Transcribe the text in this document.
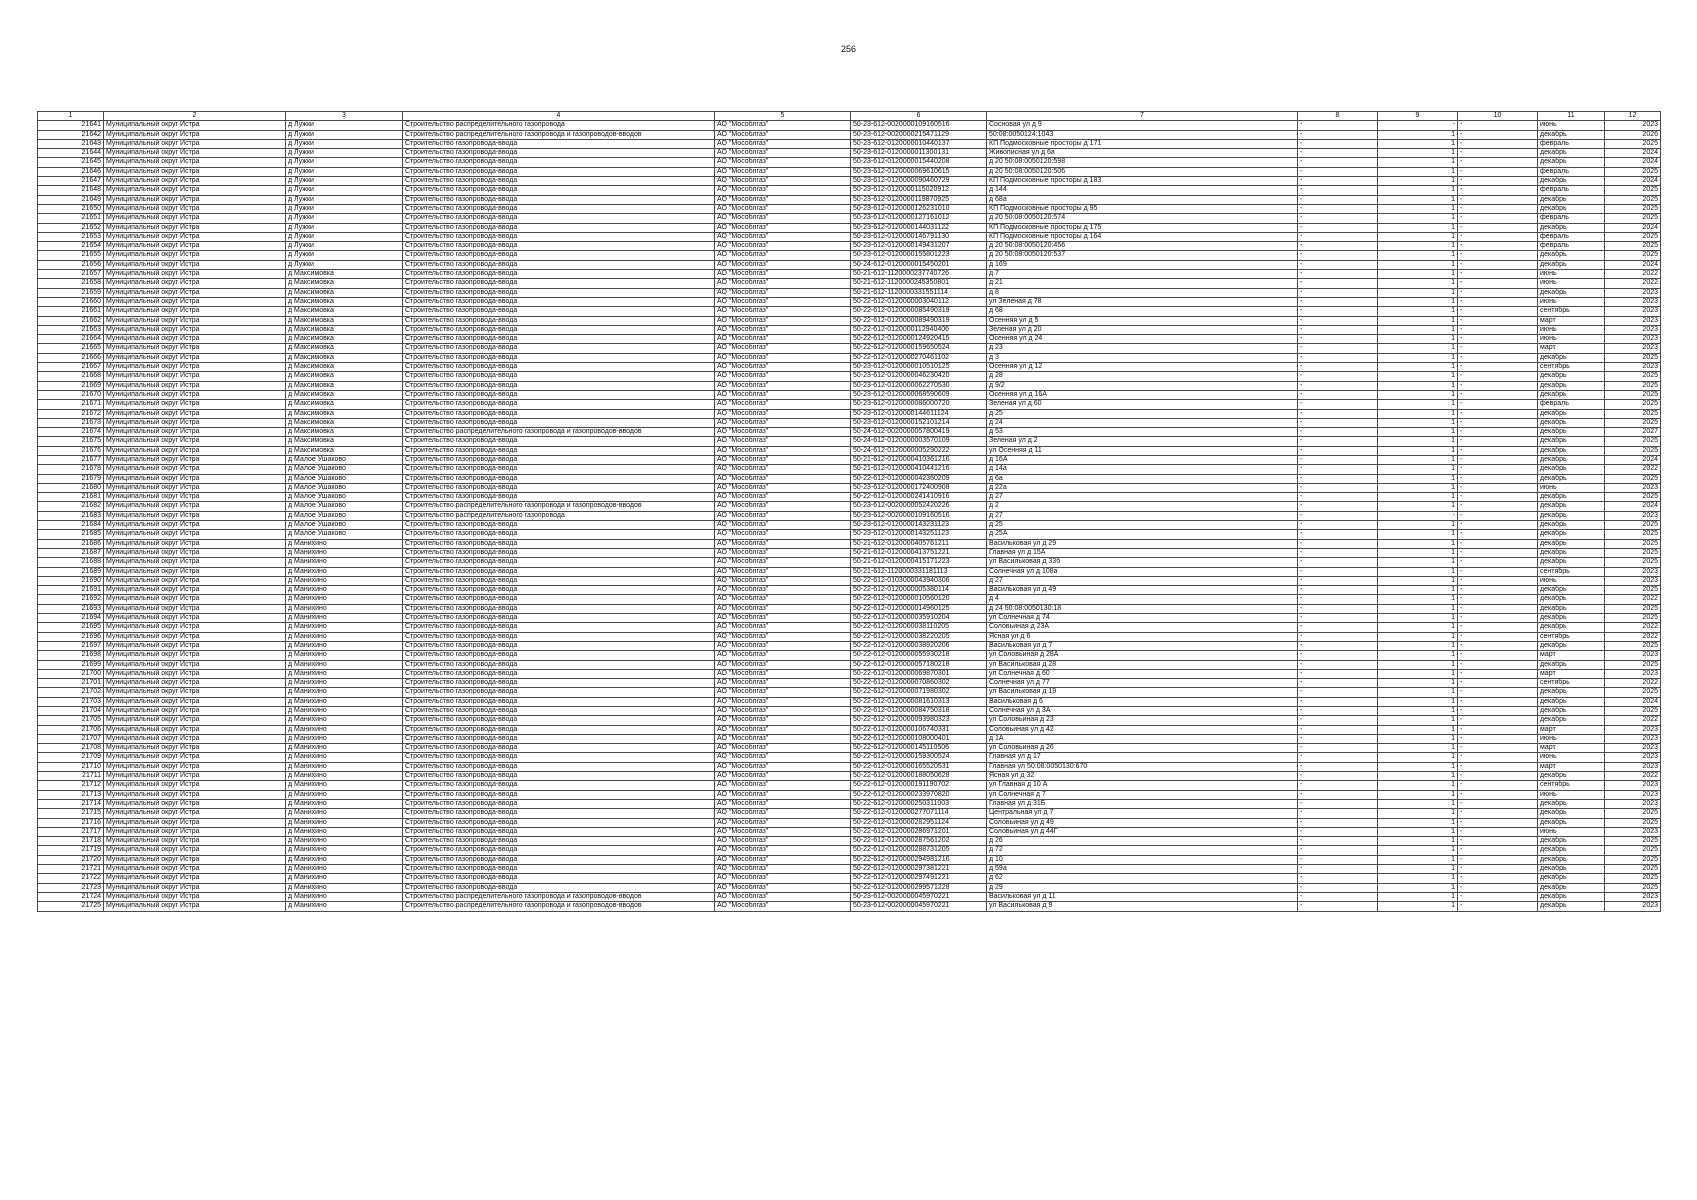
256
1	2	3	4	5	6	7	8	9	10	11	12
21641	Муниципальный округ Истра	д Лужки	Строительство распределительного газопровода	АО "Мособлгаз"	50-23-612-0020000109160516	Сосновая ул д 9	-	-	-	июнь	2023
21642	Муниципальный округ Истра	д Лужки	Строительство распределительного газопровода и газопроводов-вводов	АО "Мособлгаз"	50-23-612-0020000215471129	50:08:0050124:1043	-	1	-	декабрь	2026
21643	Муниципальный округ Истра	д Лужки	Строительство газопровода-ввода	АО "Мособлгаз"	50-23-612-0120000010440137	КП Подмосковные просторы д 171	-	1	-	февраль	2025
21644	Муниципальный округ Истра	д Лужки	Строительство газопровода-ввода	АО "Мособлгаз"	50-23-612-0120000011300131	Живописная ул д 6а	-	1	-	декабрь	2024
21645	Муниципальный округ Истра	д Лужки	Строительство газопровода-ввода	АО "Мособлгаз"	50-23-612-0120000015440208	д 20 50:08:0050120:598	-	1	-	декабрь	2024
21646	Муниципальный округ Истра	д Лужки	Строительство газопровода-ввода	АО "Мособлгаз"	50-23-612-0120000069610615	д 20 50:08:0050120:506	-	1	-	февраль	2025
21647	Муниципальный округ Истра	д Лужки	Строительство газопровода-ввода	АО "Мособлгаз"	50-23-612-0120000090460729	КП Подмосковные просторы д 183	-	1	-	декабрь	2024
21648	Муниципальный округ Истра	д Лужки	Строительство газопровода-ввода	АО "Мособлгаз"	50-23-612-0120000115020912	д 144	-	1	-	февраль	2025
21649	Муниципальный округ Истра	д Лужки	Строительство газопровода-ввода	АО "Мособлгаз"	50-23-612-0120000119870925	д 68а	-	1	-	декабрь	2025
21650	Муниципальный округ Истра	д Лужки	Строительство газопровода-ввода	АО "Мособлгаз"	50-23-612-0120000126231010	КП Подмосковные просторы д 95	-	1	-	декабрь	2025
21651	Муниципальный округ Истра	д Лужки	Строительство газопровода-ввода	АО "Мособлгаз"	50-23-612-0120000127161012	д 20 50:08:0050120:574	-	1	-	февраль	2025
21652	Муниципальный округ Истра	д Лужки	Строительство газопровода-ввода	АО "Мособлгаз"	50-23-612-0120000144031122	КП Подмосковные просторы д 175	-	1	-	декабрь	2024
21653	Муниципальный округ Истра	д Лужки	Строительство газопровода-ввода	АО "Мособлгаз"	50-23-612-0120000146791130	КП Подмосковные просторы д 164	-	1	-	февраль	2025
21654	Муниципальный округ Истра	д Лужки	Строительство газопровода-ввода	АО "Мособлгаз"	50-23-612-0120000149431207	д 20 50:08:0050120:456	-	1	-	февраль	2025
21655	Муниципальный округ Истра	д Лужки	Строительство газопровода-ввода	АО "Мособлгаз"	50-23-612-0120000155801223	д 20 50:08:0050120:537	-	1	-	декабрь	2025
21656	Муниципальный округ Истра	д Лужки	Строительство газопровода-ввода	АО "Мособлгаз"	50-24-612-0120000015450201	д 169	-	1	-	декабрь	2024
21657	Муниципальный округ Истра	д Максимовка	Строительство газопровода-ввода	АО "Мособлгаз"	50-21-612-1120000237740726	д 7	-	1	-	июнь	2022
21658	Муниципальный округ Истра	д Максимовка	Строительство газопровода-ввода	АО "Мособлгаз"	50-21-612-1120000245350801	д 21	-	1	-	июнь	2022
21659	Муниципальный округ Истра	д Максимовка	Строительство газопровода-ввода	АО "Мособлгаз"	50-21-612-1120000331551114	д 8	-	1	-	декабрь	2023
21660	Муниципальный округ Истра	д Максимовка	Строительство газопровода-ввода	АО "Мособлгаз"	50-22-612-0120000003040112	ул Зеленая д 78	-	1	-	июнь	2023
21661	Муниципальный округ Истра	д Максимовка	Строительство газопровода-ввода	АО "Мособлгаз"	50-22-612-0120000085490319	д 68	-	1	-	сентябрь	2023
21662	Муниципальный округ Истра	д Максимовка	Строительство газопровода-ввода	АО "Мособлгаз"	50-22-612-0120000089490319	Осенняя ул д 5	-	1	-	март	2023
21663	Муниципальный округ Истра	д Максимовка	Строительство газопровода-ввода	АО "Мособлгаз"	50-22-612-0120000112940406	Зеленая ул д 20	-	1	-	июнь	2023
21664	Муниципальный округ Истра	д Максимовка	Строительство газопровода-ввода	АО "Мособлгаз"	50-22-612-0120000124920415	Осенняя ул д 24	-	1	-	июнь	2023
21665	Муниципальный округ Истра	д Максимовка	Строительство газопровода-ввода	АО "Мособлгаз"	50-22-612-0120000159650524	д 23	-	1	-	март	2023
21666	Муниципальный округ Истра	д Максимовка	Строительство газопровода-ввода	АО "Мособлгаз"	50-22-612-0120000270461102	д 3	-	1	-	декабрь	2025
21667	Муниципальный округ Истра	д Максимовка	Строительство газопровода-ввода	АО "Мособлгаз"	50-23-612-0120000010510125	Осенняя ул д 12	-	1	-	сентябрь	2023
21668	Муниципальный округ Истра	д Максимовка	Строительство газопровода-ввода	АО "Мособлгаз"	50-23-612-0120000046230420	д 28	-	1	-	декабрь	2025
21669	Муниципальный округ Истра	д Максимовка	Строительство газопровода-ввода	АО "Мособлгаз"	50-23-612-0120000062270530	д 9/2	-	1	-	декабрь	2025
21670	Муниципальный округ Истра	д Максимовка	Строительство газопровода-ввода	АО "Мособлгаз"	50-23-612-0120000068590609	Осенняя ул д 16А	-	1	-	декабрь	2025
21671	Муниципальный округ Истра	д Максимовка	Строительство газопровода-ввода	АО "Мособлгаз"	50-23-612-0120000086000720	Зеленая ул д 60	-	1	-	февраль	2025
21672	Муниципальный округ Истра	д Максимовка	Строительство газопровода-ввода	АО "Мособлгаз"	50-23-612-0120000144611124	д 25	-	1	-	декабрь	2025
21673	Муниципальный округ Истра	д Максимовка	Строительство газопровода-ввода	АО "Мособлгаз"	50-23-612-0120000152101214	д 24	-	1	-	декабрь	2025
21674	Муниципальный округ Истра	д Максимовка	Строительство распределительного газопровода и газопроводов-вводов	АО "Мособлгаз"	50-24-612-0020000057800419	д 53	-	1	-	декабрь	2027
21675	Муниципальный округ Истра	д Максимовка	Строительство газопровода-ввода	АО "Мособлгаз"	50-24-612-0120000003570109	Зеленая ул д 2	-	1	-	декабрь	2025
21676	Муниципальный округ Истра	д Максимовка	Строительство газопровода-ввода	АО "Мособлгаз"	50-24-612-0120000005290222	ул Осенняя д 11	-	1	-	декабрь	2025
21677	Муниципальный округ Истра	д Малое Ушаково	Строительство газопровода-ввода	АО "Мособлгаз"	50-21-612-0120000410361216	д 16А	-	1	-	декабрь	2024
21678	Муниципальный округ Истра	д Малое Ушаково	Строительство газопровода-ввода	АО "Мособлгаз"	50-21-612-0120000410441216	д 14а	-	1	-	декабрь	2022
21679	Муниципальный округ Истра	д Малое Ушаково	Строительство газопровода-ввода	АО "Мособлгаз"	50-22-612-0120000042360209	д 6а	-	1	-	декабрь	2025
21680	Муниципальный округ Истра	д Малое Ушаково	Строительство газопровода-ввода	АО "Мособлгаз"	50-23-612-0120000172400908	д 22а	-	1	-	июнь	2023
21681	Муниципальный округ Истра	д Малое Ушаково	Строительство газопровода-ввода	АО "Мособлгаз"	50-22-612-0120000241410916	д 27	-	1	-	декабрь	2025
21682	Муниципальный округ Истра	д Малое Ушаково	Строительство распределительного газопровода и газопроводов-вводов	АО "Мособлгаз"	50-23-612-0020000052420226	д 2	-	1	-	декабрь	2024
21683	Муниципальный округ Истра	д Малое Ушаково	Строительство распределительного газопровода	АО "Мособлгаз"	50-23-612-0020000109160516	д 27	-	-	-	декабрь	2023
21684	Муниципальный округ Истра	д Малое Ушаково	Строительство газопровода-ввода	АО "Мособлгаз"	50-23-612-0120000143231123	д 25	-	1	-	декабрь	2025
21685	Муниципальный округ Истра	д Малое Ушаково	Строительство газопровода-ввода	АО "Мособлгаз"	50-23-612-0120000143251123	д 25А	-	1	-	декабрь	2025
21686	Муниципальный округ Истра	д Манихино	Строительство газопровода-ввода	АО "Мособлгаз"	50-21-612-0120000405761211	Васильковая ул д 29	-	1	-	декабрь	2025
21687	Муниципальный округ Истра	д Манихино	Строительство газопровода-ввода	АО "Мособлгаз"	50-21-612-0120000413751221	Главная ул д 15А	-	1	-	декабрь	2025
21688	Муниципальный округ Истра	д Манихино	Строительство газопровода-ввода	АО "Мособлгаз"	50-21-612-0120000415171223	ул Васильковая д 33б	-	1	-	декабрь	2025
21689	Муниципальный округ Истра	д Манихино	Строительство газопровода-ввода	АО "Мособлгаз"	50-21-612-1120000331181113	Солнечная ул д 108а	-	1	-	сентябрь	2023
21690	Муниципальный округ Истра	д Манихино	Строительство газопровода-ввода	АО "Мособлгаз"	50-22-612-0103000043940306	д 27	-	1	-	июнь	2023
21691	Муниципальный округ Истра	д Манихино	Строительство газопровода-ввода	АО "Мособлгаз"	50-22-612-0120000005380114	Васильковая ул д 49	-	1	-	декабрь	2025
21692	Муниципальный округ Истра	д Манихино	Строительство газопровода-ввода	АО "Мособлгаз"	50-22-612-0120000010560120	д 4	-	1	-	декабрь	2022
21693	Муниципальный округ Истра	д Манихино	Строительство газопровода-ввода	АО "Мособлгаз"	50-22-612-0120000014960125	д 24 50:08:0050130:18	-	1	-	декабрь	2025
21694	Муниципальный округ Истра	д Манихино	Строительство газопровода-ввода	АО "Мособлгаз"	50-22-612-0120000035910204	ул Солнечная д 74	-	1	-	декабрь	2025
21695	Муниципальный округ Истра	д Манихино	Строительство газопровода-ввода	АО "Мособлгаз"	50-22-612-0120000038110205	Соловьиная д 23А	-	1	-	декабрь	2022
21696	Муниципальный округ Истра	д Манихино	Строительство газопровода-ввода	АО "Мособлгаз"	50-22-612-0120000038220205	Ясная ул д 6	-	1	-	сентябрь	2022
21697	Муниципальный округ Истра	д Манихино	Строительство газопровода-ввода	АО "Мособлгаз"	50-22-612-0120000038920206	Васильковая ул д 7	-	1	-	декабрь	2025
21698	Муниципальный округ Истра	д Манихино	Строительство газопровода-ввода	АО "Мособлгаз"	50-22-612-0120000055930218	ул Соловьиная д 28А	-	1	-	март	2023
21699	Муниципальный округ Истра	д Манихино	Строительство газопровода-ввода	АО "Мособлгаз"	50-22-612-0120000057180218	ул Васильковая д 28	-	1	-	декабрь	2025
21700	Муниципальный округ Истра	д Манихино	Строительство газопровода-ввода	АО "Мособлгаз"	50-22-612-0120000069870301	ул Солнечная д 60	-	1	-	март	2023
21701	Муниципальный округ Истра	д Манихино	Строительство газопровода-ввода	АО "Мособлгаз"	50-22-612-0120000070860302	Солнечная ул д 77	-	1	-	сентябрь	2022
21702	Муниципальный округ Истра	д Манихино	Строительство газопровода-ввода	АО "Мособлгаз"	50-22-612-0120000071980302	ул Васильковая д 19	-	1	-	декабрь	2025
21703	Муниципальный округ Истра	д Манихино	Строительство газопровода-ввода	АО "Мособлгаз"	50-22-612-0120000081610313	Васильковая д 6	-	1	-	декабрь	2024
21704	Муниципальный округ Истра	д Манихино	Строительство газопровода-ввода	АО "Мособлгаз"	50-22-612-0120000084750318	Солнечная ул д 3А	-	1	-	декабрь	2025
21705	Муниципальный округ Истра	д Манихино	Строительство газопровода-ввода	АО "Мособлгаз"	50-22-612-0120000093980323	ул Соловьиная д 23	-	1	-	декабрь	2022
21706	Муниципальный округ Истра	д Манихино	Строительство газопровода-ввода	АО "Мособлгаз"	50-22-612-0120000106740331	Соловьиная ул д 42	-	1	-	март	2023
21707	Муниципальный округ Истра	д Манихино	Строительство газопровода-ввода	АО "Мособлгаз"	50-22-612-0120000108000401	д 1А	-	1	-	июнь	2023
21708	Муниципальный округ Истра	д Манихино	Строительство газопровода-ввода	АО "Мособлгаз"	50-22-612-0120000145110506	ул Соловьиная д 26	-	1	-	март	2023
21709	Муниципальный округ Истра	д Манихино	Строительство газопровода-ввода	АО "Мособлгаз"	50-22-612-0120000159300524	Главная ул д 17	-	1	-	июнь	2023
21710	Муниципальный округ Истра	д Манихино	Строительство газопровода-ввода	АО "Мособлгаз"	50-22-612-0120000165520531	Главная ул 50:08:0050130:670	-	1	-	март	2023
21711	Муниципальный округ Истра	д Манихино	Строительство газопровода-ввода	АО "Мособлгаз"	50-22-612-0120000188050628	Ясная ул д 32	-	1	-	декабрь	2022
21712	Муниципальный округ Истра	д Манихино	Строительство газопровода-ввода	АО "Мособлгаз"	50-22-612-0120000191190702	ул Главная д 10 А	-	1	-	сентябрь	2023
21713	Муниципальный округ Истра	д Манихино	Строительство газопровода-ввода	АО "Мособлгаз"	50-22-612-0120000233970820	ул Солнечная д 7	-	1	-	июнь	2023
21714	Муниципальный округ Истра	д Манихино	Строительство газопровода-ввода	АО "Мособлгаз"	50-22-612-0120000250311003	Главная ул д 31Б	-	1	-	декабрь	2023
21715	Муниципальный округ Истра	д Манихино	Строительство газопровода-ввода	АО "Мособлгаз"	50-22-612-0120000277071114	Центральная ул д 7	-	1	-	декабрь	2025
21716	Муниципальный округ Истра	д Манихино	Строительство газопровода-ввода	АО "Мособлгаз"	50-22-612-0120000282951124	Соловьиная ул д 49	-	1	-	декабрь	2025
21717	Муниципальный округ Истра	д Манихино	Строительство газопровода-ввода	АО "Мособлгаз"	50-22-612-0120000286971201	Соловьиная ул д 44Г	-	1	-	июнь	2023
21718	Муниципальный округ Истра	д Манихино	Строительство газопровода-ввода	АО "Мособлгаз"	50-22-612-0120000287561202	д 26	-	1	-	декабрь	2025
21719	Муниципальный округ Истра	д Манихино	Строительство газопровода-ввода	АО "Мособлгаз"	50-22-612-0120000288731205	д 72	-	1	-	декабрь	2025
21720	Муниципальный округ Истра	д Манихино	Строительство газопровода-ввода	АО "Мособлгаз"	50-22-612-0120000294981216	д 10	-	1	-	декабрь	2025
21721	Муниципальный округ Истра	д Манихино	Строительство газопровода-ввода	АО "Мособлгаз"	50-22-612-0120000297381221	д 59а	-	1	-	декабрь	2025
21722	Муниципальный округ Истра	д Манихино	Строительство газопровода-ввода	АО "Мособлгаз"	50-22-612-0120000297491221	д 62	-	1	-	декабрь	2025
21723	Муниципальный округ Истра	д Манихино	Строительство газопровода-ввода	АО "Мособлгаз"	50-22-612-0120000299571228	д 29	-	1	-	декабрь	2025
21724	Муниципальный округ Истра	д Манихино	Строительство распределительного газопровода и газопроводов-вводов	АО "Мособлгаз"	50-23-612-0020000045970221	Васильковая ул д 11	-	1	-	декабрь	2023
21725	Муниципальный округ Истра	д Манихино	Строительство распределительного газопровода и газопроводов-вводов	АО "Мособлгаз"	50-23-612-0020000045970221	ул Васильковая д 9	-	1	-	декабрь	2023
